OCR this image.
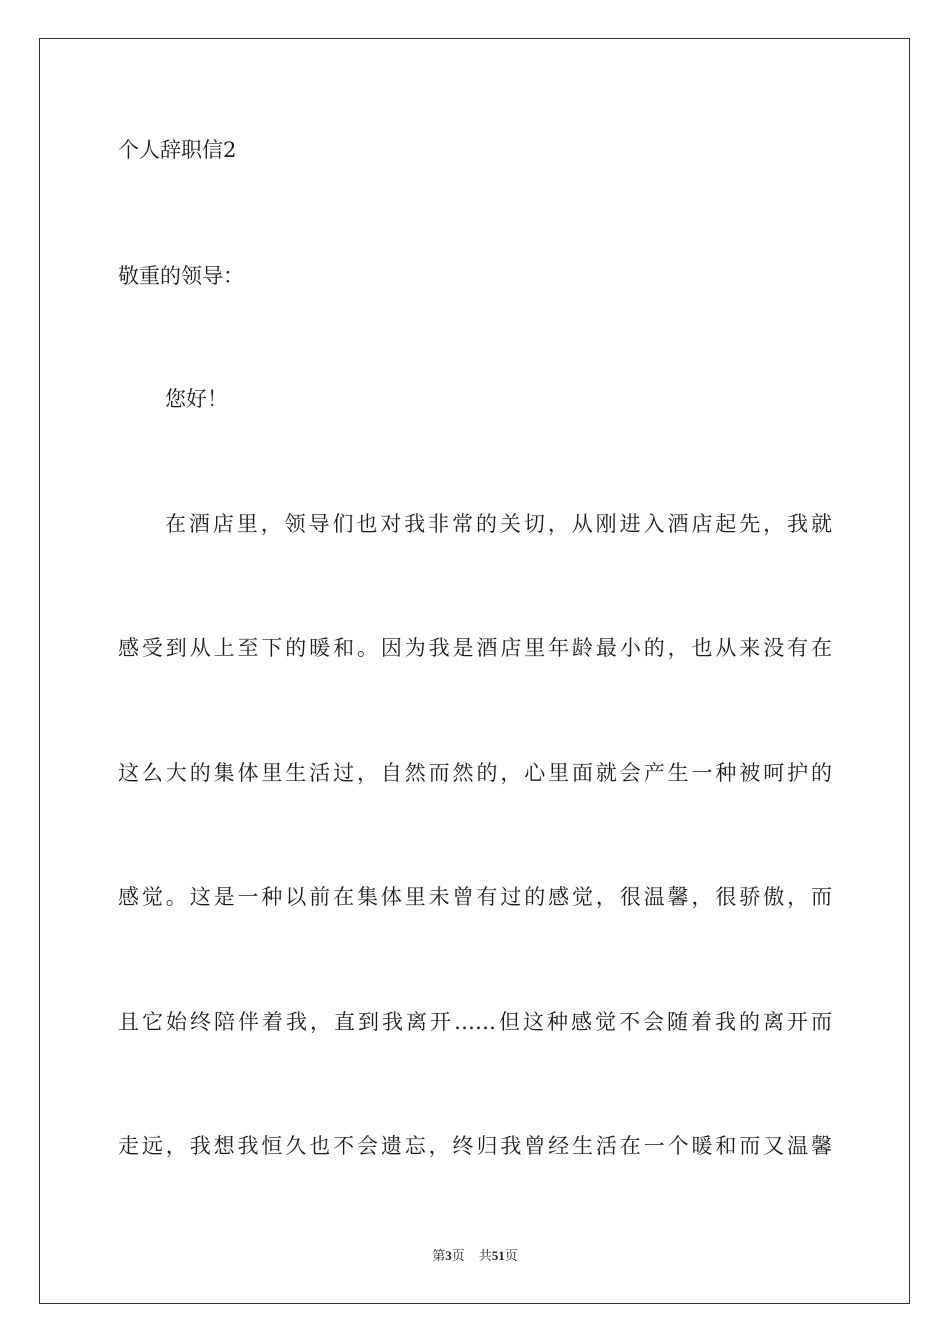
个人辞职信2

敬重的领导：

您好！

在酒店里，领导们也对我非常的关切，从刚进入酒店起先，我就

感受到从上至下的暖和。因为我是酒店里年龄最小的，也从来没有在

这么大的集体里生活过，自然而然的，心里面就会产生一种被呵护的

感觉。这是一种以前在集体里未曾有过的感觉，很温馨，很骄傲，而

且它始终陪伴着我，直到我离开……但这种感觉不会随着我的离开而

走远，我想我恒久也不会遗忘，终归我曾经生活在一个暖和而又温馨

第3页 共51页
